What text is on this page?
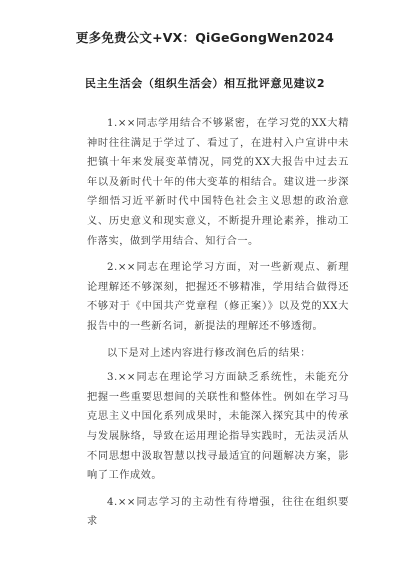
更多免费公文+VX：QiGeGongWen2024
民主生活会（组织生活会）相互批评意见建议2

1.××同志学用结合不够紧密，在学习党的XX大精神时往往满足于学过了、看过了，在进村入户宣讲中未把镇十年来发展变革情况，同党的XX大报告中过去五年以及新时代十年的伟大变革的相结合。建议进一步深学细悟习近平新时代中国特色社会主义思想的政治意义、历史意义和现实意义，不断提升理论素养，推动工作落实，做到学用结合、知行合一。

2.××同志在理论学习方面，对一些新观点、新理论理解还不够深刻，把握还不够精准，学用结合做得还不够对于《中国共产党章程（修正案）》以及党的XX大报告中的一些新名词，新提法的理解还不够透彻。

以下是对上述内容进行修改润色后的结果：

3.××同志在理论学习方面缺乏系统性，未能充分把握一些重要思想间的关联性和整体性。例如在学习马克思主义中国化系列成果时，未能深入探究其中的传承与发展脉络，导致在运用理论指导实践时，无法灵活从不同思想中汲取智慧以找寻最适宜的问题解决方案，影响了工作成效。

4.××同志学习的主动性有待增强，往往在组织要求
